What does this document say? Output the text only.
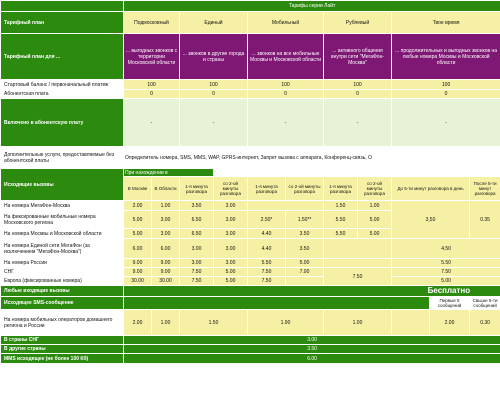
	Тарифы серии Лайт										
Тарифный план	Подмосковный		Единый		Мобильный		Рублевый		Твое время		
Тарифный план для ...	... выгодных звонков с территории Московской области		... звонков в другие города и страны		... звонков на все мобильные Москвы и Московской области		... активного общения внутри сети "МегаФон-Москва"		... продолжительных и выгодных звонков на любые номера Москвы и Московской области		
Стартовый баланс / первоначальный платеж	100		100		100		100		100		
Абонентская плата	0		0		0		0		0		
Включено в абонентскую плату	-		-		-		-		-		
Дополнительные услуги, предоставляемые без абонентской платы	Определитель номера, SMS, MMS, WAP, GPRS-интернет, Запрет вызова с аппарата, Конференц-связь, О										
Исходящие вызовы	При нахождении в										
	В Москве	В Области	1-я минута разговора	со 2-ой минуты разговора	1-я минута разговора	со 2-ой минуты разговора	1-я минута разговора	со 2-ой минуты разговора	До 5-ти минут разговора в день		После 5-ти минут разговора
На номера МегаФон-Москва	2.00	1.00	3.50	3.00			1.50	1.00	3,50		0.35
На фиксированные мобильные номера Московского региона	5.00	3.00	6.50	3.00	2.50*	1.50**	5.50	5.00			
На номера Москвы и Московской области	5.00	3.00	6.50	3.00	4.40	3.50	5.50	5.00			
На номера Единой сети МегаФон (за исключением "МегаФон-Москва")	6.00	6.00	3.00	3.00	4.40	3.50			4.50		
На номера России	9.00	9.00	3.00	3.00	5.50	5.00			5.50		
СНГ	9.00	9.00	7.50	5.00	7.50	7.00	7.50		7.50		
Европа (фиксированные номера)	30.00	30.00	7.50	5.00	7.50				5.00		
Любые входящие вызовы	Бесплатно										
Исходящее SMS-сообщение										Первые 5 сообщений	Свыше 5-ти сообщений
На номера мобильных операторов домашнего региона и России	2.00	1.00	1.50		1.90		1.00			2.00	0.30
В страны СНГ	3.00										
В другие страны	3.50										
MMS исходящее (не более 100 Кб)	6.00										
